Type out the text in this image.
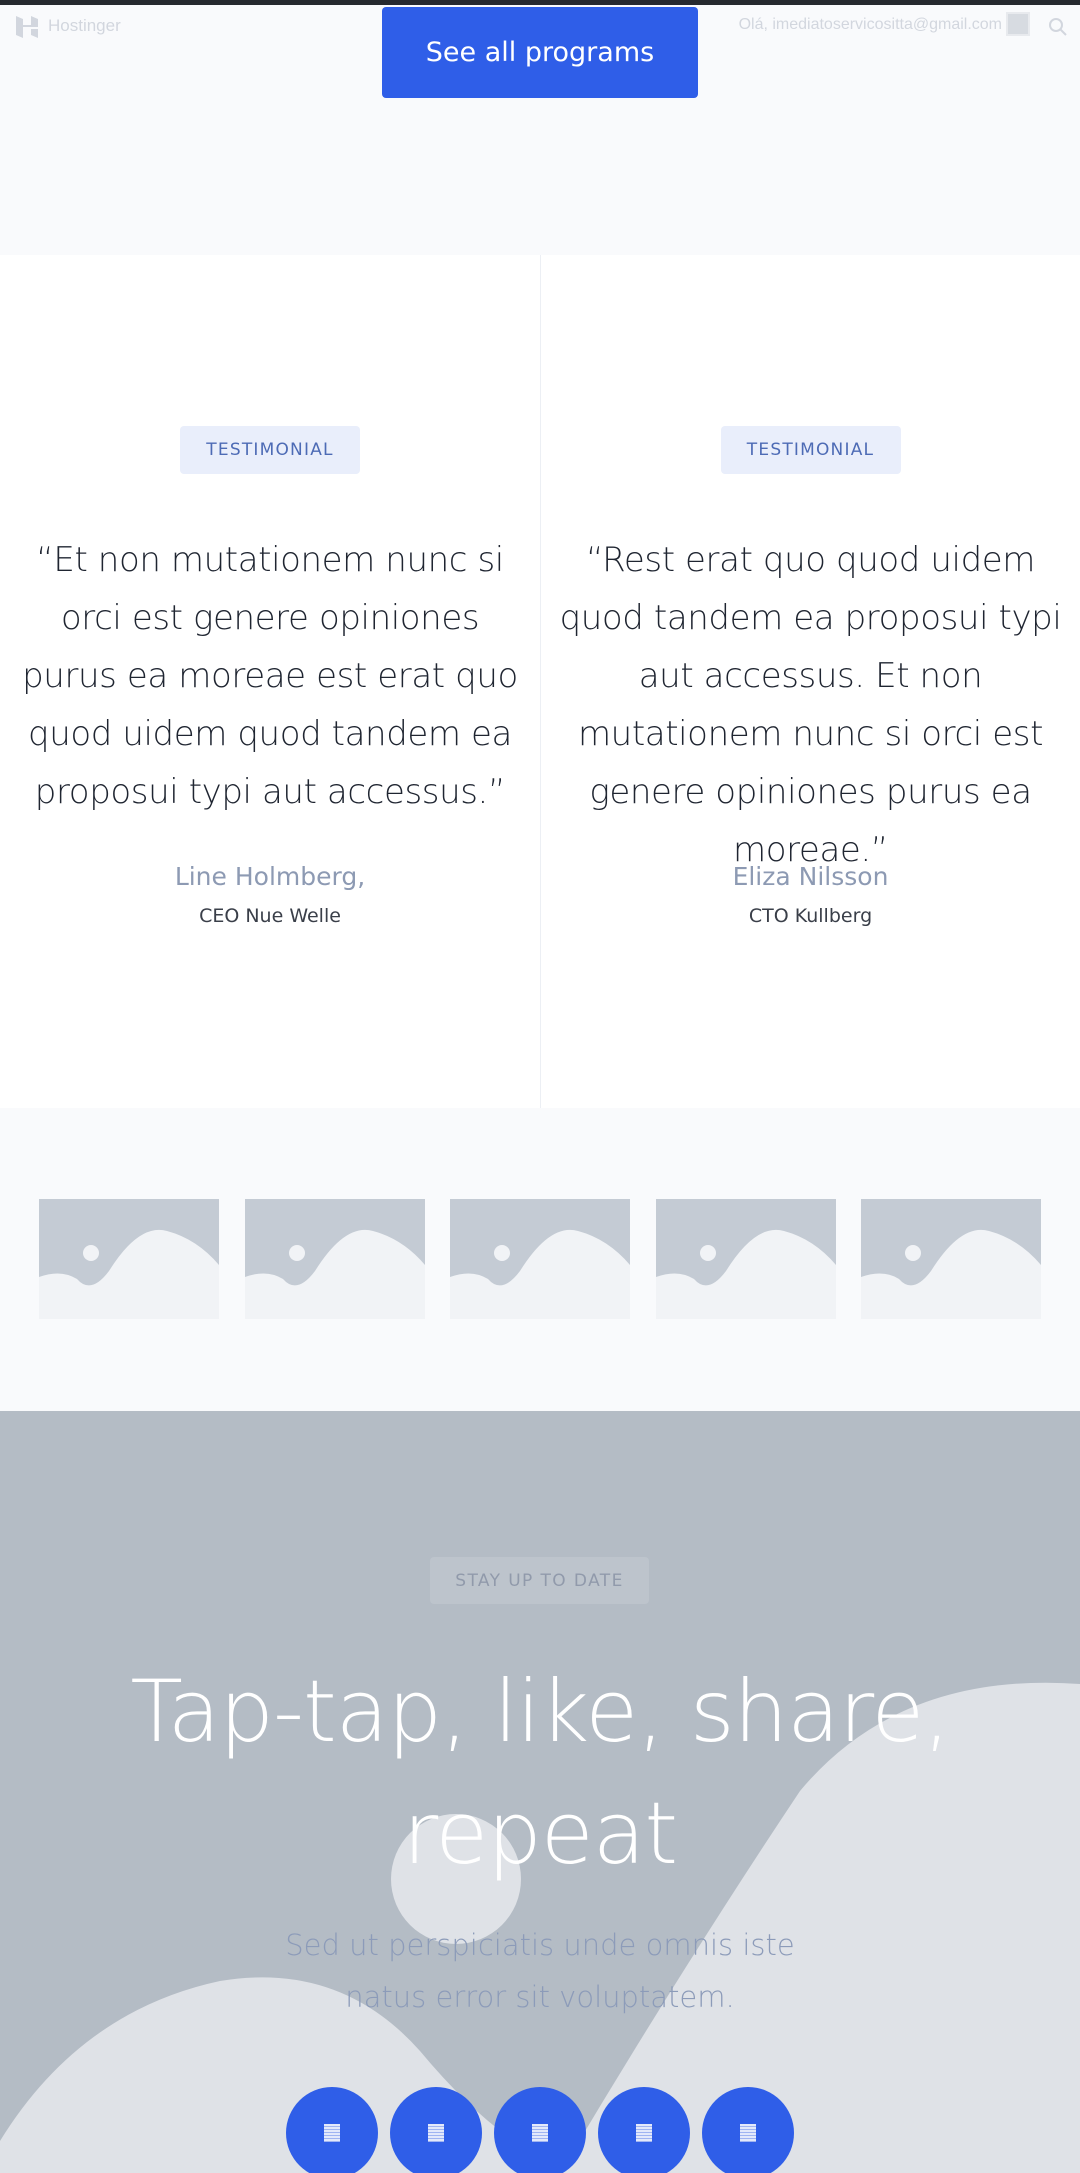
Hostinger	Olá, imediatoservicositta@gmail.com
See all programs
TESTIMONIAL

“Et non mutationem nunc si orci est genere opiniones purus ea moreae est erat quo quod uidem quod tandem ea proposui typi aut accessus.”

Line Holmberg,
CEO Nue Welle
TESTIMONIAL

“Rest erat quo quod uidem quod tandem ea proposui typi aut accessus. Et non mutationem nunc si orci est genere opiniones purus ea moreae.”

Eliza Nilsson
CTO Kullberg
STAY UP TO DATE
Tap-tap, like, share, repeat

Sed ut perspiciatis unde omnis iste natus error sit voluptatem.
